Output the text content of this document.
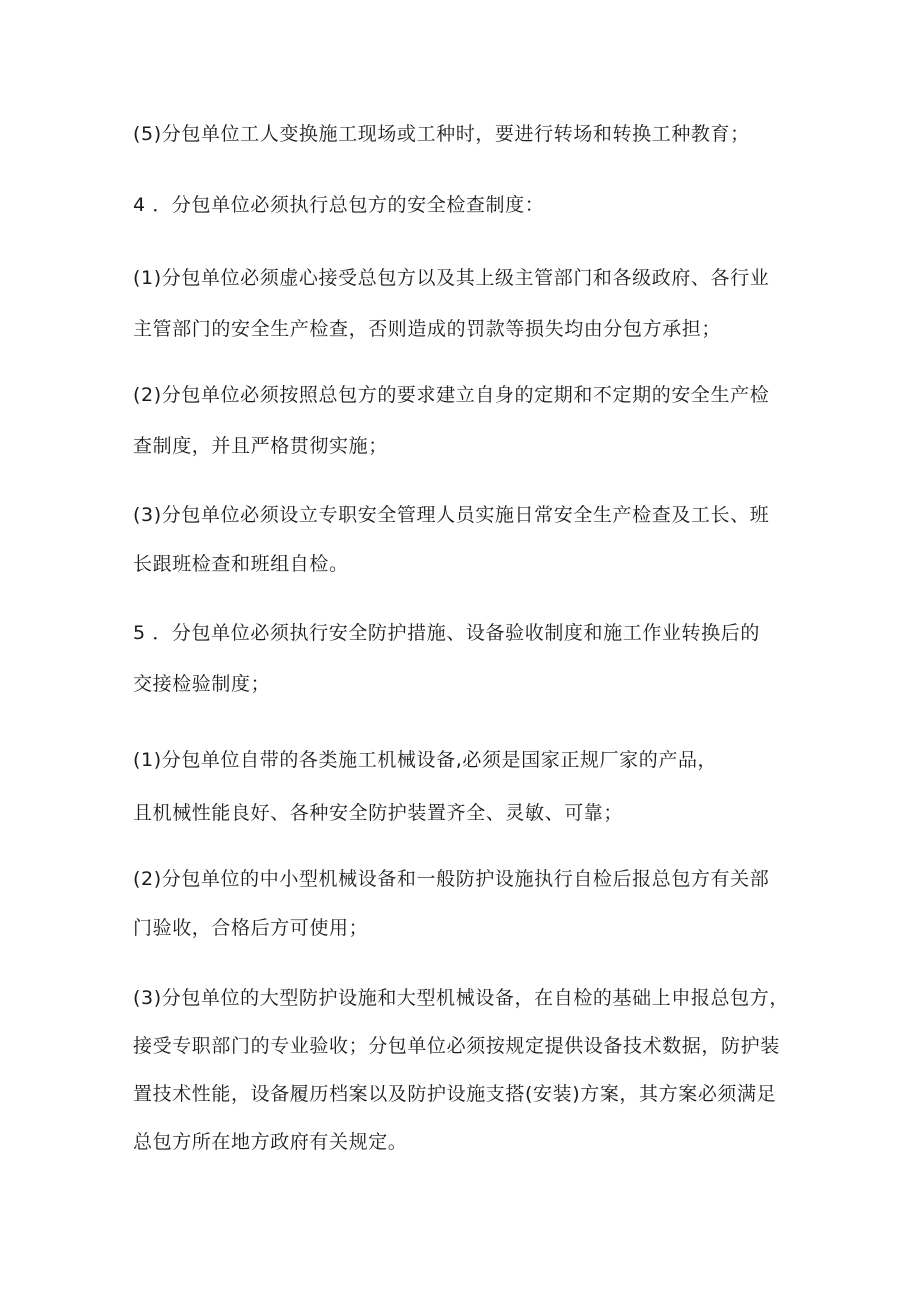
(5)分包单位工人变换施工现场或工种时，要进行转场和转换工种教育；
4 ．分包单位必须执行总包方的安全检查制度：
(1)分包单位必须虚心接受总包方以及其上级主管部门和各级政府、各行业
主管部门的安全生产检查，否则造成的罚款等损失均由分包方承担；
(2)分包单位必须按照总包方的要求建立自身的定期和不定期的安全生产检
查制度，并且严格贯彻实施；
(3)分包单位必须设立专职安全管理人员实施日常安全生产检查及工长、班
长跟班检查和班组自检。
5 ．分包单位必须执行安全防护措施、设备验收制度和施工作业转换后的
交接检验制度；
(1)分包单位自带的各类施工机械设备,必须是国家正规厂家的产品，
且机械性能良好、各种安全防护装置齐全、灵敏、可靠；
(2)分包单位的中小型机械设备和一般防护设施执行自检后报总包方有关部
门验收，合格后方可使用；
(3)分包单位的大型防护设施和大型机械设备，在自检的基础上申报总包方，
接受专职部门的专业验收；分包单位必须按规定提供设备技术数据，防护装
置技术性能，设备履历档案以及防护设施支搭(安装)方案，其方案必须满足
总包方所在地方政府有关规定。
